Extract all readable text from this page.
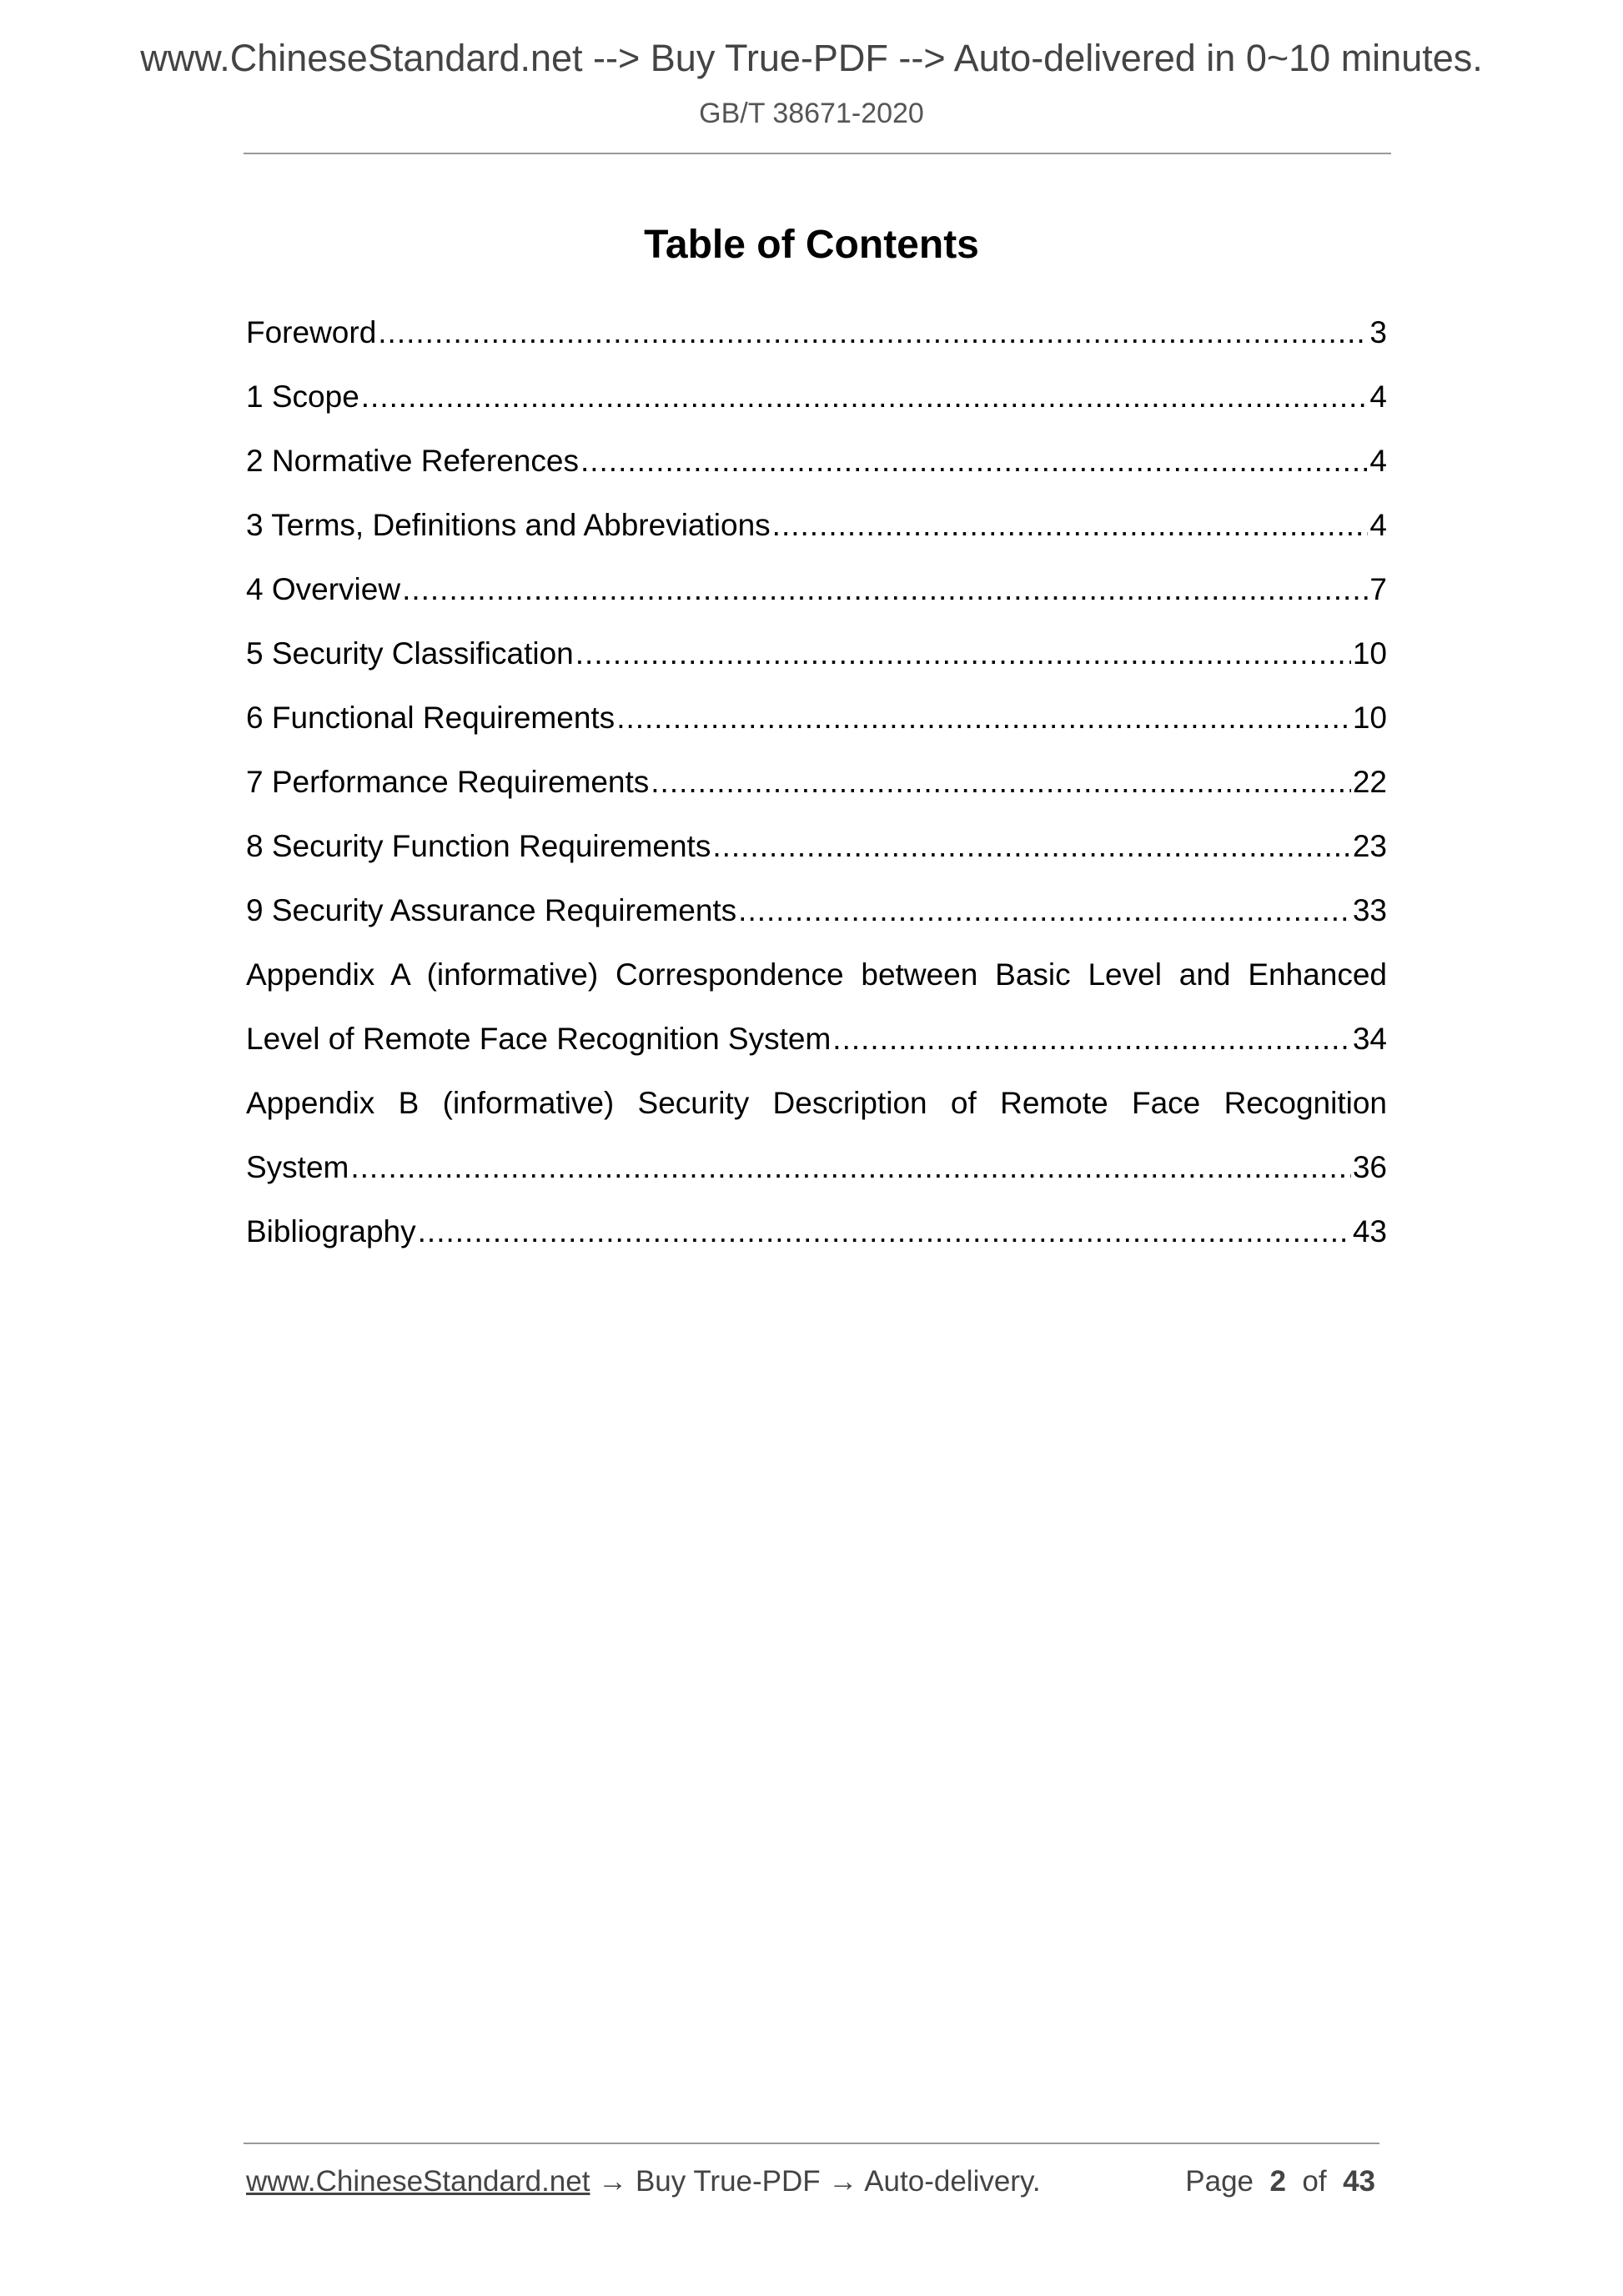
www.ChineseStandard.net --> Buy True-PDF --> Auto-delivered in 0~10 minutes.
GB/T 38671-2020
Table of Contents
Foreword .....	3
1 Scope .....	4
2 Normative References .....	4
3 Terms, Definitions and Abbreviations .....	4
4 Overview .....	7
5 Security Classification .....	10
6 Functional Requirements .....	10
7 Performance Requirements .....	22
8 Security Function Requirements .....	23
9 Security Assurance Requirements .....	33
Appendix A (informative) Correspondence between Basic Level and Enhanced
Level of Remote Face Recognition System .....	34
Appendix B (informative) Security Description of Remote Face Recognition
System .....	36
Bibliography .....	43
www.ChineseStandard.net → Buy True-PDF → Auto-delivery.	Page 2 of 43
